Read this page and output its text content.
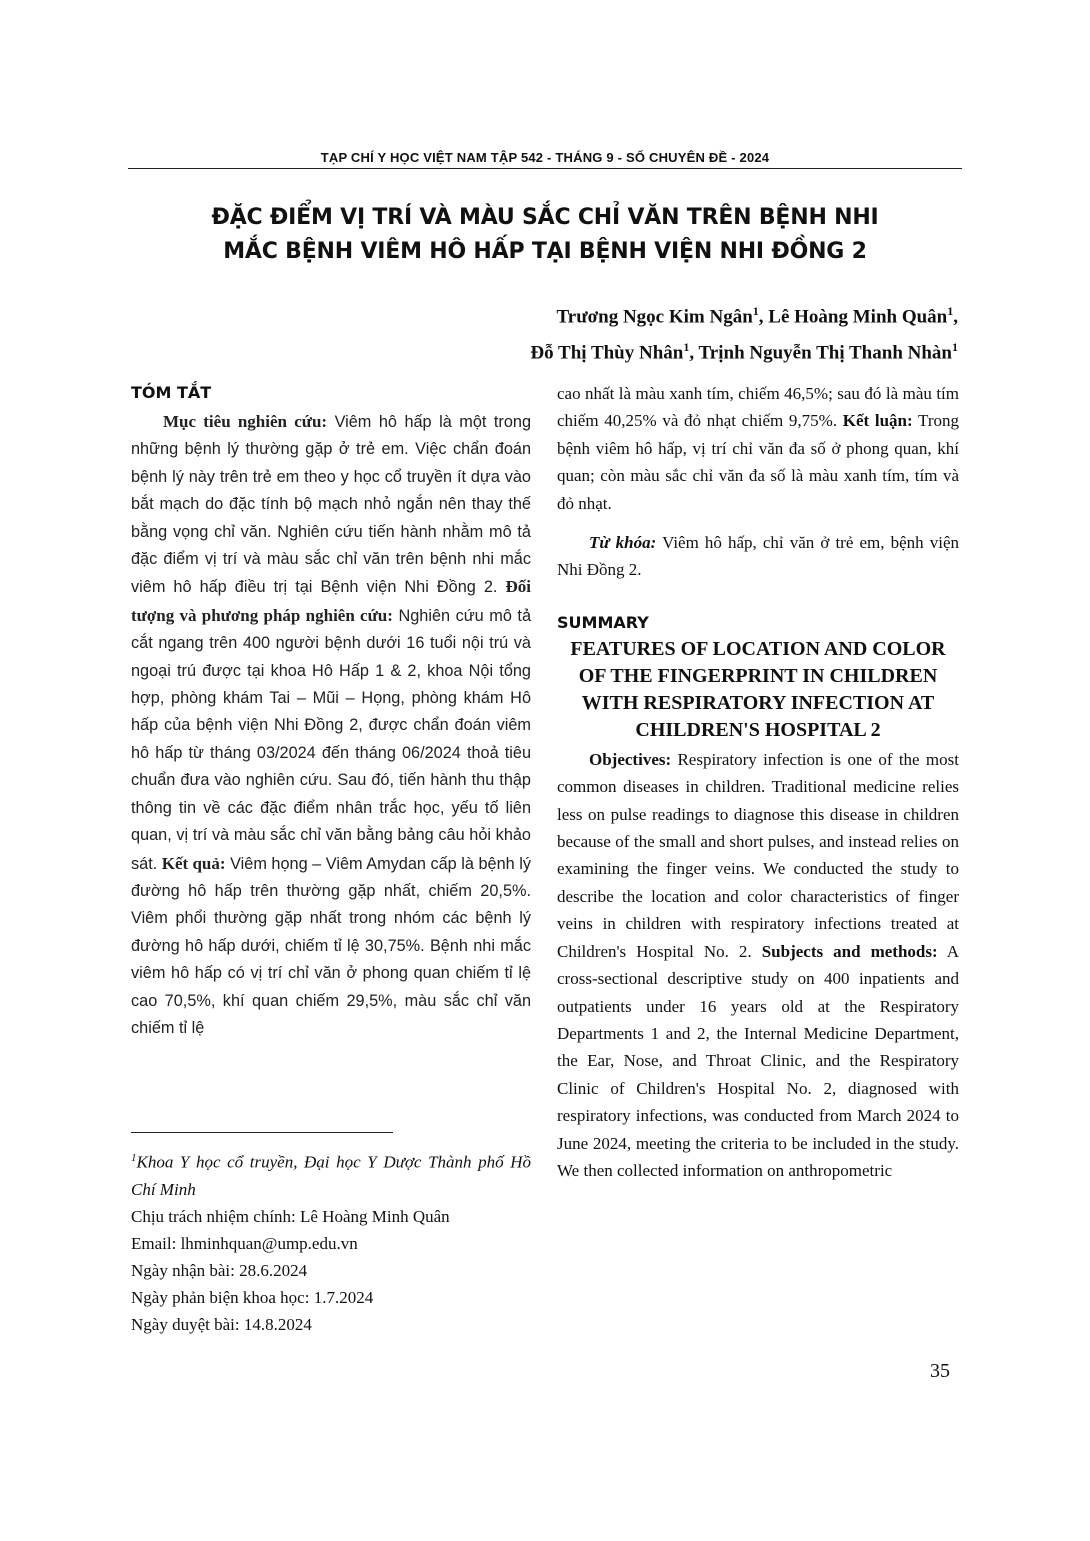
TẠP CHÍ Y HỌC VIỆT NAM TẬP 542 - THÁNG 9 - SỐ CHUYÊN ĐỀ - 2024
ĐẶC ĐIỂM VỊ TRÍ VÀ MÀU SẮC CHỈ VĂN TRÊN BỆNH NHI
MẮC BỆNH VIÊM HÔ HẤP TẠI BỆNH VIỆN NHI ĐỒNG 2
Trương Ngọc Kim Ngân$^1$, Lê Hoàng Minh Quân$^1$,
Đỗ Thị Thùy Nhân$^1$, Trịnh Nguyễn Thị Thanh Nhàn$^1$
TÓM TẮT

Mục tiêu nghiên cứu: Viêm hô hấp là một trong những bệnh lý thường gặp ở trẻ em. Việc chẩn đoán bệnh lý này trên trẻ em theo y học cổ truyền ít dựa vào bắt mạch do đặc tính bộ mạch nhỏ ngắn nên thay thế bằng vọng chỉ văn. Nghiên cứu tiến hành nhằm mô tả đặc điểm vị trí và màu sắc chỉ văn trên bệnh nhi mắc viêm hô hấp điều trị tại Bệnh viện Nhi Đồng 2. Đối tượng và phương pháp nghiên cứu: Nghiên cứu mô tả cắt ngang trên 400 người bệnh dưới 16 tuổi nội trú và ngoại trú được tại khoa Hô Hấp 1 & 2, khoa Nội tổng hợp, phòng khám Tai – Mũi – Họng, phòng khám Hô hấp của bệnh viện Nhi Đồng 2, được chẩn đoán viêm hô hấp từ tháng 03/2024 đến tháng 06/2024 thoả tiêu chuẩn đưa vào nghiên cứu. Sau đó, tiến hành thu thập thông tin về các đặc điểm nhân trắc học, yếu tố liên quan, vị trí và màu sắc chỉ văn bằng bảng câu hỏi khảo sát. Kết quả: Viêm họng – Viêm Amydan cấp là bệnh lý đường hô hấp trên thường gặp nhất, chiếm 20,5%. Viêm phổi thường gặp nhất trong nhóm các bệnh lý đường hô hấp dưới, chiếm tỉ lệ 30,75%. Bệnh nhi mắc viêm hô hấp có vị trí chỉ văn ở phong quan chiếm tỉ lệ cao 70,5%, khí quan chiếm 29,5%, màu sắc chỉ văn chiếm tỉ lệ

$^1$Khoa Y học cổ truyền, Đại học Y Dược Thành phố Hồ Chí Minh
Chịu trách nhiệm chính: Lê Hoàng Minh Quân
Email: lhminhquan@ump.edu.vn
Ngày nhận bài: 28.6.2024
Ngày phản biện khoa học: 1.7.2024
Ngày duyệt bài: 14.8.2024

cao nhất là màu xanh tím, chiếm 46,5%; sau đó là màu tím chiếm 40,25% và đỏ nhạt chiếm 9,75%. Kết luận: Trong bệnh viêm hô hấp, vị trí chỉ văn đa số ở phong quan, khí quan; còn màu sắc chỉ văn đa số là màu xanh tím, tím và đỏ nhạt.

Từ khóa: Viêm hô hấp, chỉ văn ở trẻ em, bệnh viện Nhi Đồng 2.

SUMMARY
FEATURES OF LOCATION AND COLOR OF THE FINGERPRINT IN CHILDREN WITH RESPIRATORY INFECTION AT CHILDREN'S HOSPITAL 2

Objectives: Respiratory infection is one of the most common diseases in children. Traditional medicine relies less on pulse readings to diagnose this disease in children because of the small and short pulses, and instead relies on examining the finger veins. We conducted the study to describe the location and color characteristics of finger veins in children with respiratory infections treated at Children's Hospital No. 2. Subjects and methods: A cross-sectional descriptive study on 400 inpatients and outpatients under 16 years old at the Respiratory Departments 1 and 2, the Internal Medicine Department, the Ear, Nose, and Throat Clinic, and the Respiratory Clinic of Children's Hospital No. 2, diagnosed with respiratory infections, was conducted from March 2024 to June 2024, meeting the criteria to be included in the study. We then collected information on anthropometric

35
